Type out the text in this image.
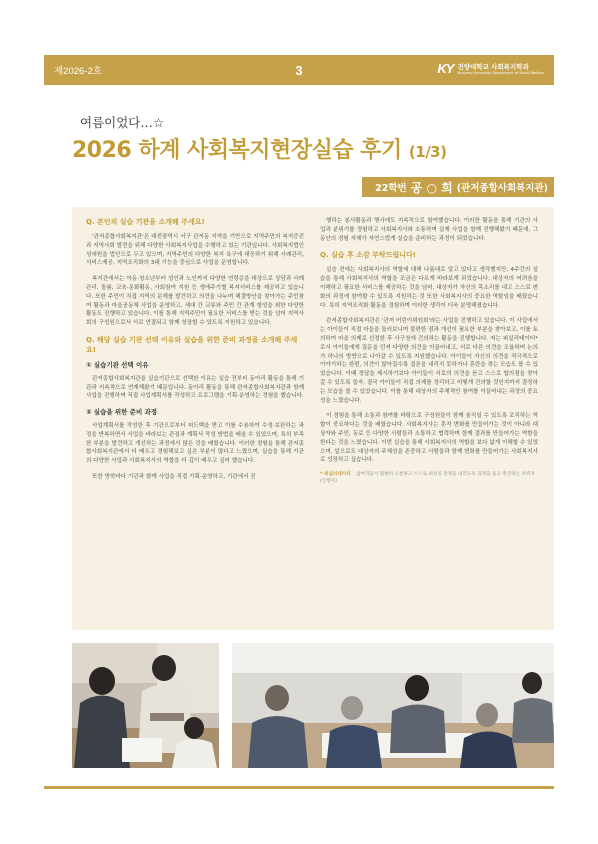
제2026-2호	3	KY 건양대학교 사회복지학과
Konyang University Department of Social Welfare
여름이었다…☆
2026 하계 사회복지현장실습 후기 (1/3)
22학번 공 ○ 희 (관저종합사회복지관)
Q. 본인의 실습 기관을 소개해 주세요!

'관저종합사회복지관'은 대전광역시 서구 관저동 지역을 기반으로 지역주민의 복지증진과 지역사회 발전을 위해 다양한 사회복지사업을 수행하고 있는 기관입니다. 사회복지법인 성애원을 법인으로 두고 있으며, 지역주민의 다양한 복지 욕구에 대응하기 위해 사례관리, 서비스제공, 지역조직화의 3대 기능을 중심으로 사업을 운영합니다.

복지관에서는 아동·청소년부터 성인과 노인까지 다양한 연령층을 대상으로 상담과 사례관리, 돌봄, 교육·문화활동, 사회참여 지원 등 생애주기별 복지서비스를 제공하고 있습니다. 또한 주민이 직접 지역의 문제를 발견하고 의견을 나누며 해결방안을 찾아가는 주민참여 활동과 마을공동체 사업을 운영하고, 세대 간 교류와 주민 간 관계 형성을 위한 다양한 활동도 진행하고 있습니다. 이를 통해 지역주민이 필요한 서비스를 받는 것을 넘어 지역사회의 구성원으로서 서로 연결되고 함께 성장할 수 있도록 지원하고 있습니다.

Q. 해당 실습 기관 선택 이유와 실습을 위한 준비 과정을 소개해 주세요!
① 실습기관 선택 이유

관저종합사회복지관을 실습기관으로 선택한 이유는 실습 전부터 동아리 활동을 통해 기관과 지속적으로 연계해왔기 때문입니다. 동아리 활동을 통해 관저종합사회복지관과 함께 사업을 진행하며 직접 사업계획서를 작성하고 프로그램을 기획·운영하는 경험을 했습니다.

② 실습을 위한 준비 과정

사업계획서를 작성한 후 기관으로부터 피드백을 받고 이를 수용하여 수정·보완하는 과정을 반복하면서 사업을 바라보는 관점과 계획서 작성 방법을 배울 수 있었으며, 특히 부족한 부분을 발견하고 개선하는 과정에서 많은 것을 배웠습니다. 이러한 경험을 통해 관저종합사회복지관에서 더 배우고 경험해보고 싶은 부분이 많다고 느꼈으며, 실습을 통해 기관의 다양한 사업과 사회복지사의 역할을 더 깊이 배우고 싶어 했습니다.

또한 방학마다 기관과 함께 사업을 직접 기획·운영하고, 기관에서 진

행하는 봉사활동과 행사에도 지속적으로 참여했습니다. 이러한 활동을 통해 기관의 사업과 분위기를 경험하고 사회복지사와 소통하며 실제 사업을 함께 진행해봤기 때문에, 그동안의 경험 자체가 자연스럽게 실습을 준비하는 과정이 되었습니다.

Q. 실습 후 소감 부탁드립니다!

실습 전에는 사회복지사의 역할에 대해 나름대로 알고 있다고 생각했지만, 4주간의 실습을 통해 사회복지사의 역할을 조금은 다르게 바라보게 되었습니다. 대상자의 어려움을 이해하고 필요한 서비스를 제공하는 것을 넘어, 대상자가 자신의 목소리를 내고 스스로 변화의 과정에 참여할 수 있도록 지원하는 것 또한 사회복지사의 중요한 역할임을 배웠습니다. 특히 지역조직화 활동을 경험하며 이러한 생각이 더욱 분명해졌습니다.

관저종합사회복지관은 '관저 어린이위원회'라는 사업을 진행하고 있습니다. 이 사업에서는 아이들이 직접 마을을 둘러보니며 불편한 점과 개선이 필요한 부분을 찾아보고, 이를 토의하여 마을 의제로 선정한 후 사구청에 건의하는 활동을 진행합니다. 저는 퍼실리테이터*로서 아이들에게 질문을 던져 다양한 의견을 이끌어내고, 서로 다른 의견을 조율하며 논의가 하나의 방향으로 나아갈 수 있도록 지원했습니다. 아이들이 자신의 의견을 적극적으로 이야기하는 한편, 의견이 많아질수록 결론을 내리지 못하거나 혼란을 겪는 모습도 볼 수 있었습니다. 이때 정답을 제시하기보다 아이들이 서로의 의견을 듣고 스스로 합의점을 찾아갈 수 있도록 돕자, 결국 아이들이 직접 의제를 정리하고 어떻게 건의할 것인지까지 결정하는 모습을 볼 수 있었습니다. 이를 통해 대상자의 주체적인 참여를 이끌어내는 과정의 중요성을 느꼈습니다.

이 경험을 통해 소통과 참여를 바탕으로 구성원들이 함께 움직일 수 있도록 조직하는 역할이 중요하다는 것을 배웠습니다. 사회복지사는 혼자 변화를 만들어가는 것이 아니라 대상자와 주민, 동료 등 다양한 사람들과 소통하고 협력하며 함께 결과를 만들어가는 역할을 한다는 것을 느꼈습니다. 이번 실습을 통해 사회복지사의 역할을 보다 넓게 이해할 수 있었으며, 앞으로도 대상자의 주체성을 존중하고 사람들과 함께 변화를 만들어가는 사회복지사로 성장하고 싶습니다.

* 퍼실리테이터 참여자들이 활발히 소통하고 스스로 최선의 결정을 내리도록 과정을 돕고 촉진하는 조력자(진행자)
